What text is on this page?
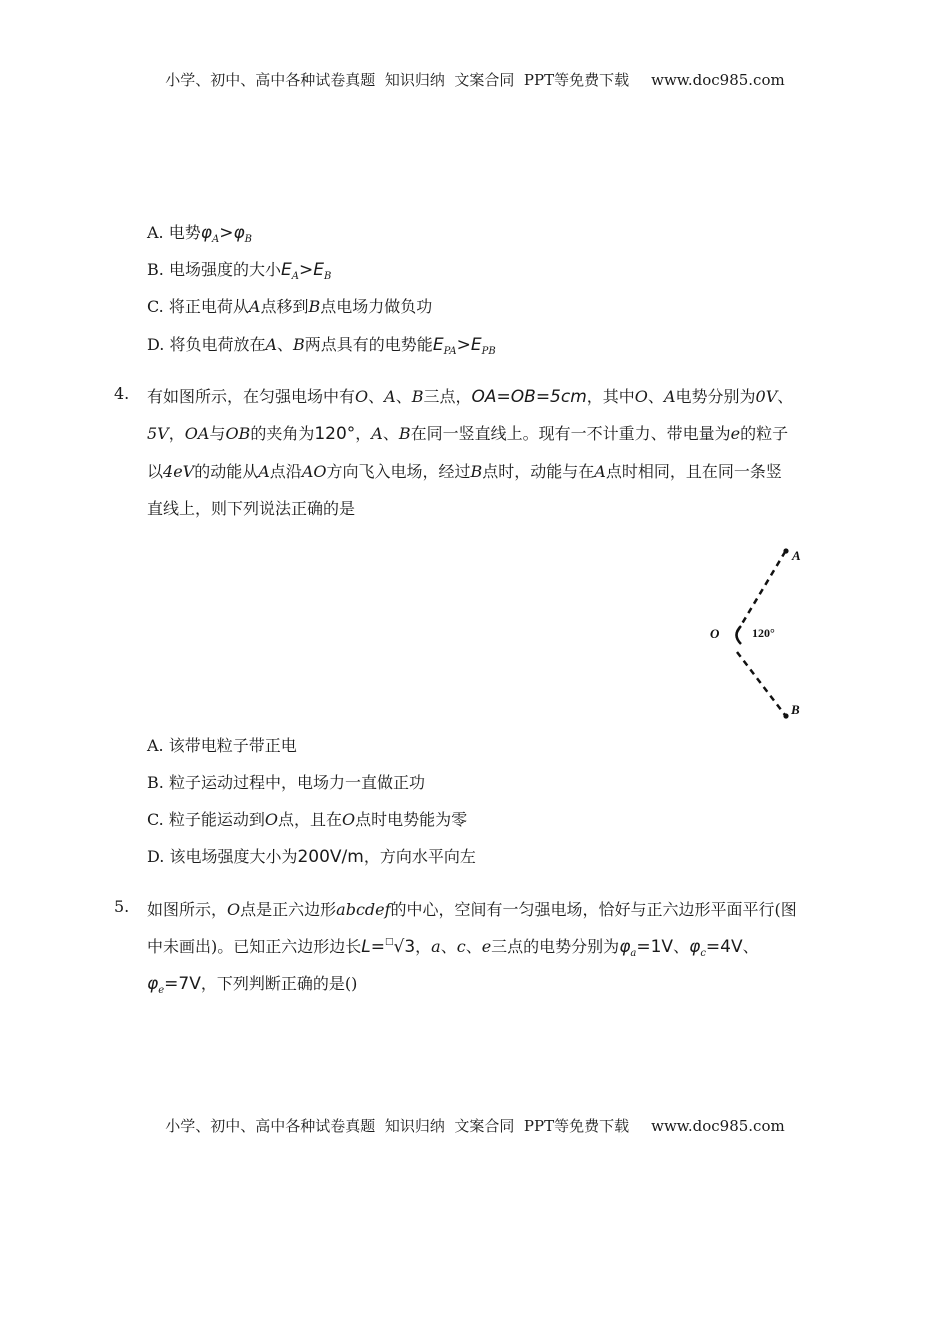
小学、初中、高中各种试卷真题  知识归纳  文案合同  PPT等免费下载 www.doc985.com
A. 电势$\varphi_A>\varphi_B$
B. 电场强度的大小$E_A>E_B$
C. 将正电荷从A点移到B点电场力做负功
D. 将负电荷放在A、B两点具有的电势能$E_{PA}>E_{PB}$
4. 有如图所示，在匀强电场中有O、A、B三点，OA=OB=5cm，其中O、A电势分别为0V、
5V，OA与OB的夹角为120°，A、B在同一竖直线上。现有一不计重力、带电量为e的粒子
以4eV的动能从A点沿AO方向飞入电场，经过B点时，动能与在A点时相同，且在同一条竖
直线上，则下列说法正确的是
A
O
B
120°
A. 该带电粒子带正电
B. 粒子运动过程中，电场力一直做正功
C. 粒子能运动到O点，且在O点时电势能为零
D. 该电场强度大小为200V/m，方向水平向左
5. 如图所示，O点是正六边形abcdef的中心，空间有一匀强电场，恰好与正六边形平面平行(图
中未画出)。已知正六边形边长L=□√3，a、c、e三点的电势分别为$\varphi_a=1V$、$\varphi_c=4V$、
$\varphi_e=7V$，下列判断正确的是()
小学、初中、高中各种试卷真题  知识归纳  文案合同  PPT等免费下载 www.doc985.com
